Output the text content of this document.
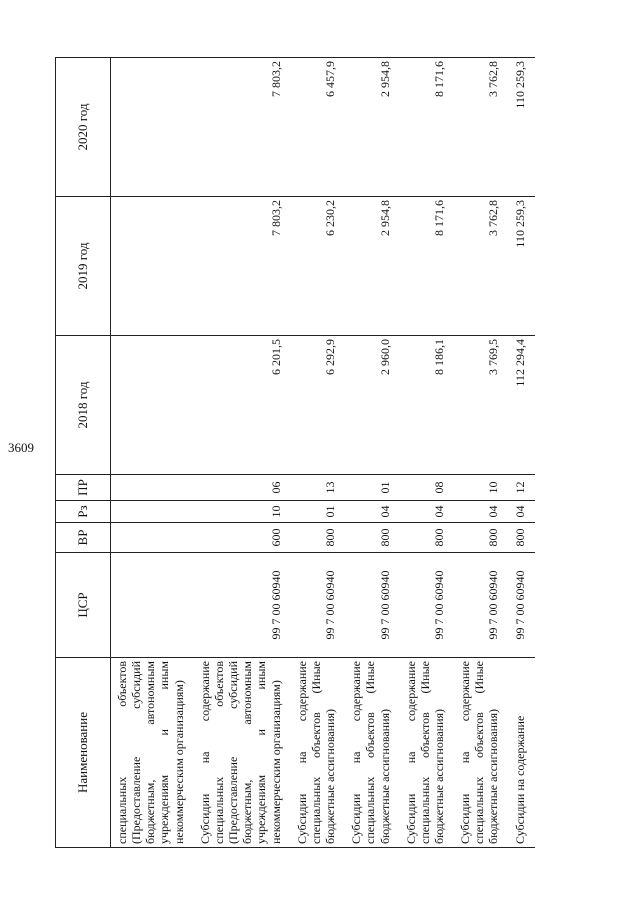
3609
Наименование	ЦСР	ВР	Рз	ПР	2018 год	2019 год	2020 год
специальных объектов (Предоставление субсидий бюджетным, автономным учреждениям и иным некоммерческим организациям)							
Субсидии на содержание специальных объектов (Предоставление субсидий бюджетным, автономным учреждениям и иным некоммерческим организациям)	99 7 00 60940	600	10	06	6 201,5	7 803,2	7 803,2
Субсидии на содержание специальных объектов (Иные бюджетные ассигнования)	99 7 00 60940	800	01	13	6 292,9	6 230,2	6 457,9
Субсидии на содержание специальных объектов (Иные бюджетные ассигнования)	99 7 00 60940	800	04	01	2 960,0	2 954,8	2 954,8
Субсидии на содержание специальных объектов (Иные бюджетные ассигнования)	99 7 00 60940	800	04	08	8 186,1	8 171,6	8 171,6
Субсидии на содержание специальных объектов (Иные бюджетные ассигнования)	99 7 00 60940	800	04	10	3 769,5	3 762,8	3 762,8
Субсидии на содержание	99 7 00 60940	800	04	12	112 294,4	110 259,3	110 259,3
